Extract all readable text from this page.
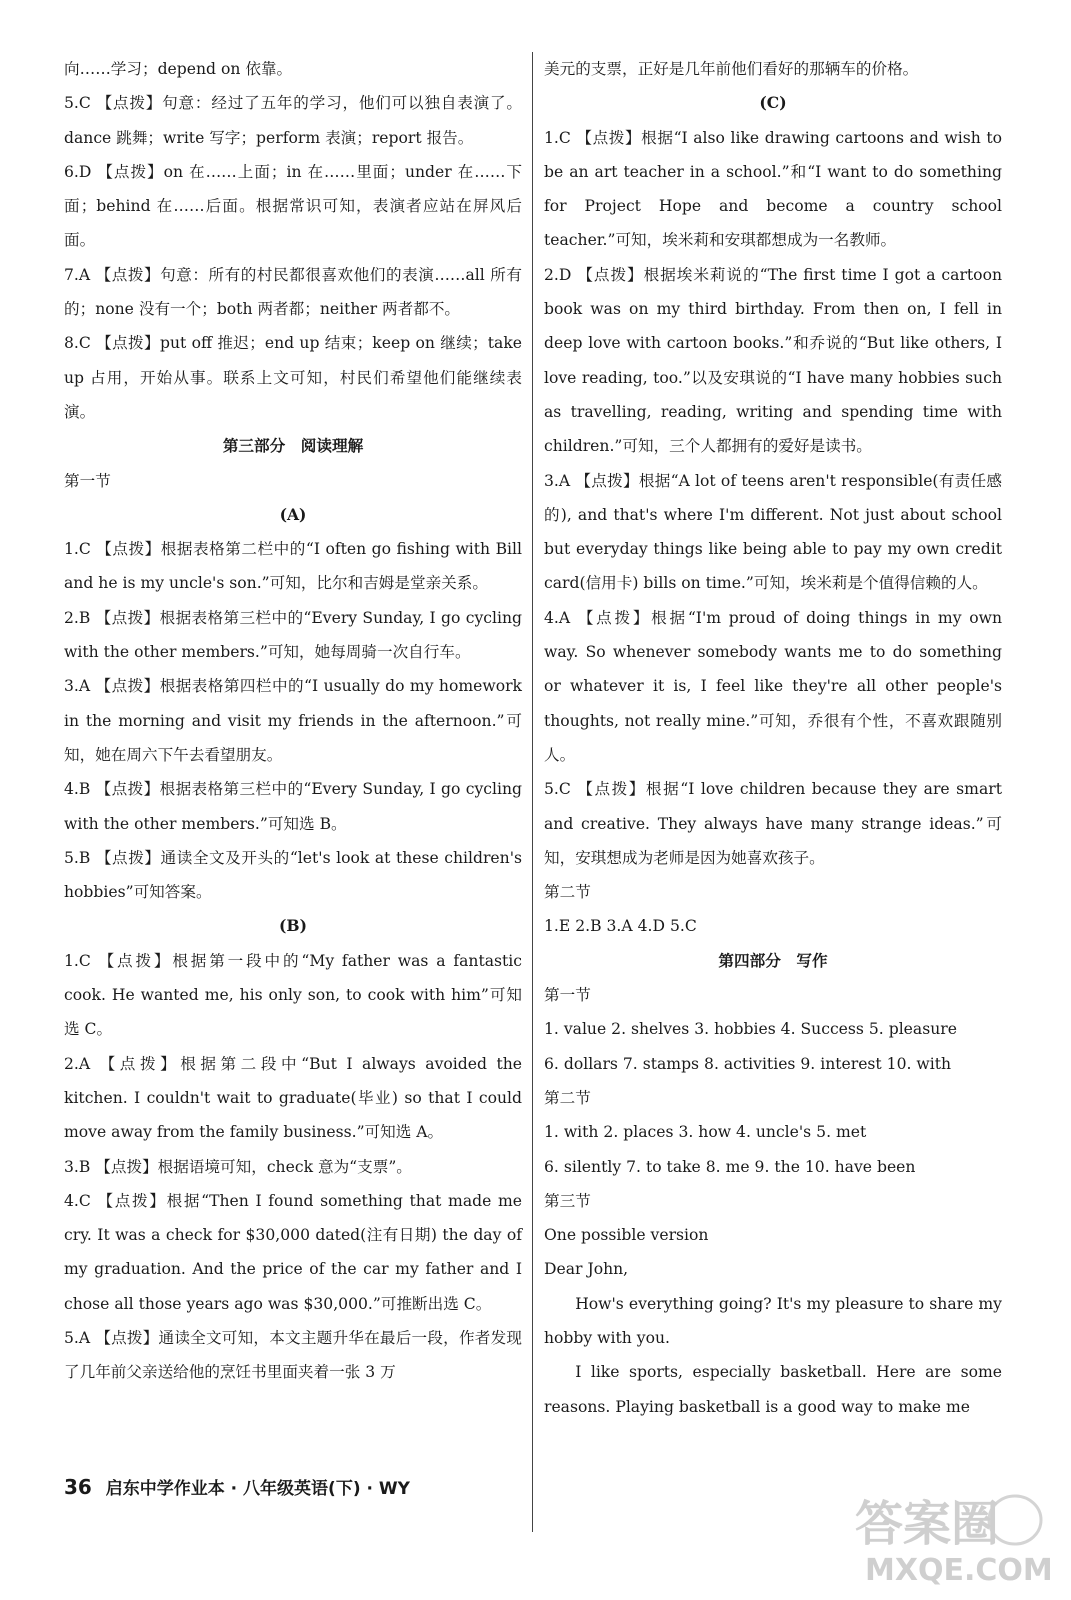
向……学习；depend on 依靠。
5.C 【点拨】句意：经过了五年的学习，他们可以独自表演了。dance 跳舞；write 写字；perform 表演；report 报告。
6.D 【点拨】on 在……上面；in 在……里面；under 在……下面；behind 在……后面。根据常识可知，表演者应站在屏风后面。
7.A 【点拨】句意：所有的村民都很喜欢他们的表演……all 所有的；none 没有一个；both 两者都；neither 两者都不。
8.C 【点拨】put off 推迟；end up 结束；keep on 继续；take up 占用，开始从事。联系上文可知，村民们希望他们能继续表演。
第三部分　阅读理解
第一节
(A)
1.C 【点拨】根据表格第二栏中的“I often go fishing with Bill and he is my uncle's son.”可知，比尔和吉姆是堂亲关系。
2.B 【点拨】根据表格第三栏中的“Every Sunday, I go cycling with the other members.”可知，她每周骑一次自行车。
3.A 【点拨】根据表格第四栏中的“I usually do my homework in the morning and visit my friends in the afternoon.”可知，她在周六下午去看望朋友。
4.B 【点拨】根据表格第三栏中的“Every Sunday, I go cycling with the other members.”可知选 B。
5.B 【点拨】通读全文及开头的“let's look at these children's hobbies”可知答案。
(B)
1.C 【点拨】根据第一段中的“My father was a fantastic cook. He wanted me, his only son, to cook with him”可知选 C。
2.A 【点拨】根据第二段中“But I always avoided the kitchen. I couldn't wait to graduate(毕业) so that I could move away from the family business.”可知选 A。
3.B 【点拨】根据语境可知，check 意为“支票”。
4.C 【点拨】根据“Then I found something that made me cry. It was a check for $30,000 dated(注有日期) the day of my graduation. And the price of the car my father and I chose all those years ago was $30,000.”可推断出选 C。
5.A 【点拨】通读全文可知，本文主题升华在最后一段，作者发现了几年前父亲送给他的烹饪书里面夹着一张 3 万
美元的支票，正好是几年前他们看好的那辆车的价格。
(C)
1.C 【点拨】根据“I also like drawing cartoons and wish to be an art teacher in a school.”和“I want to do something for Project Hope and become a country school teacher.”可知，埃米莉和安琪都想成为一名教师。
2.D 【点拨】根据埃米莉说的“The first time I got a cartoon book was on my third birthday. From then on, I fell in deep love with cartoon books.”和乔说的“But like others, I love reading, too.”以及安琪说的“I have many hobbies such as travelling, reading, writing and spending time with children.”可知，三个人都拥有的爱好是读书。
3.A 【点拨】根据“A lot of teens aren't responsible(有责任感的), and that's where I'm different. Not just about school but everyday things like being able to pay my own credit card(信用卡) bills on time.”可知，埃米莉是个值得信赖的人。
4.A 【点拨】根据“I'm proud of doing things in my own way. So whenever somebody wants me to do something or whatever it is, I feel like they're all other people's thoughts, not really mine.”可知，乔很有个性，不喜欢跟随别人。
5.C 【点拨】根据“I love children because they are smart and creative. They always have many strange ideas.”可知，安琪想成为老师是因为她喜欢孩子。
第二节
1.E 2.B 3.A 4.D 5.C
第四部分　写作
第一节
1. value 2. shelves 3. hobbies 4. Success 5. pleasure
6. dollars 7. stamps 8. activities 9. interest 10. with
第二节
1. with 2. places 3. how 4. uncle's 5. met
6. silently 7. to take 8. me 9. the 10. have been
第三节
One possible version
Dear John,
How's everything going? It's my pleasure to share my hobby with you.
I like sports, especially basketball. Here are some reasons. Playing basketball is a good way to make me
36 启东中学作业本 · 八年级英语(下) · WY
答案圈
MXQE.COM
